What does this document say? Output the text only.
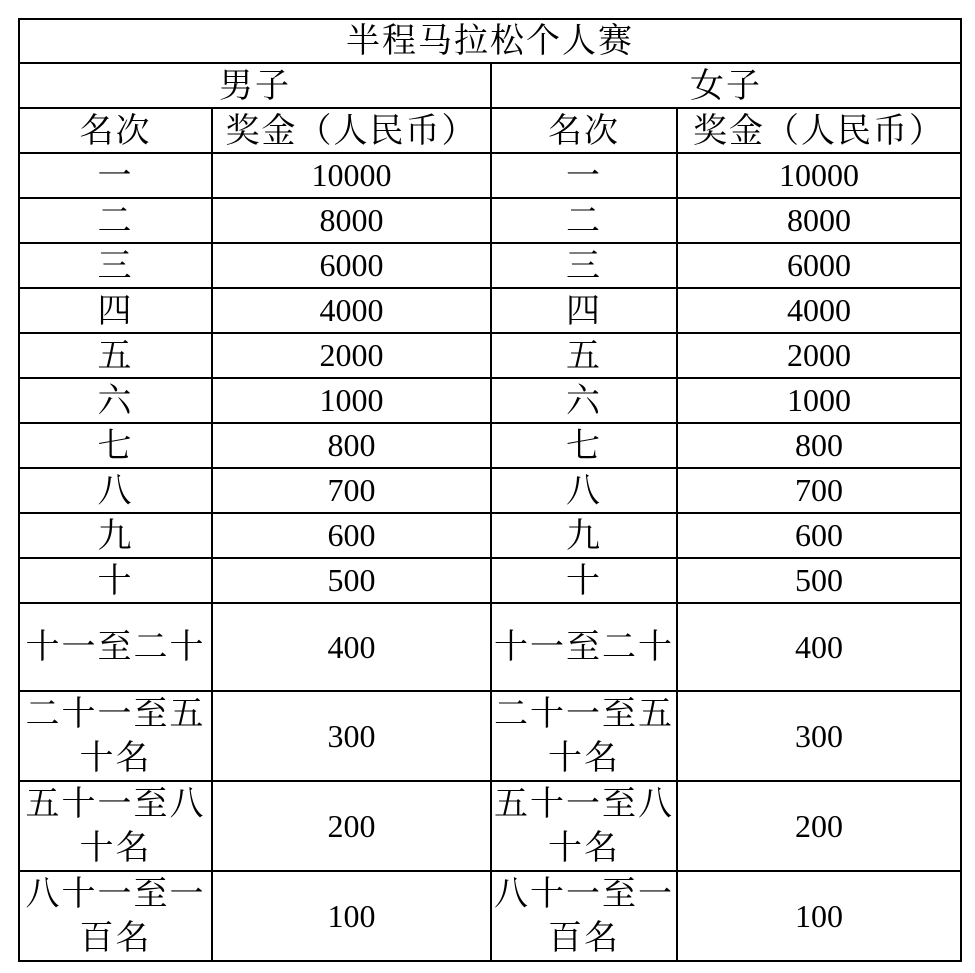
半程马拉松个人赛			
男子		女子	
名次	奖金（人民币）	名次	奖金（人民币）
一	10000	一	10000
二	8000	二	8000
三	6000	三	6000
四	4000	四	4000
五	2000	五	2000
六	1000	六	1000
七	800	七	800
八	700	八	700
九	600	九	600
十	500	十	500
十一至二十	400	十一至二十	400
二十一至五十名	300	二十一至五十名	300
五十一至八十名	200	五十一至八十名	200
八十一至一百名	100	八十一至一百名	100
